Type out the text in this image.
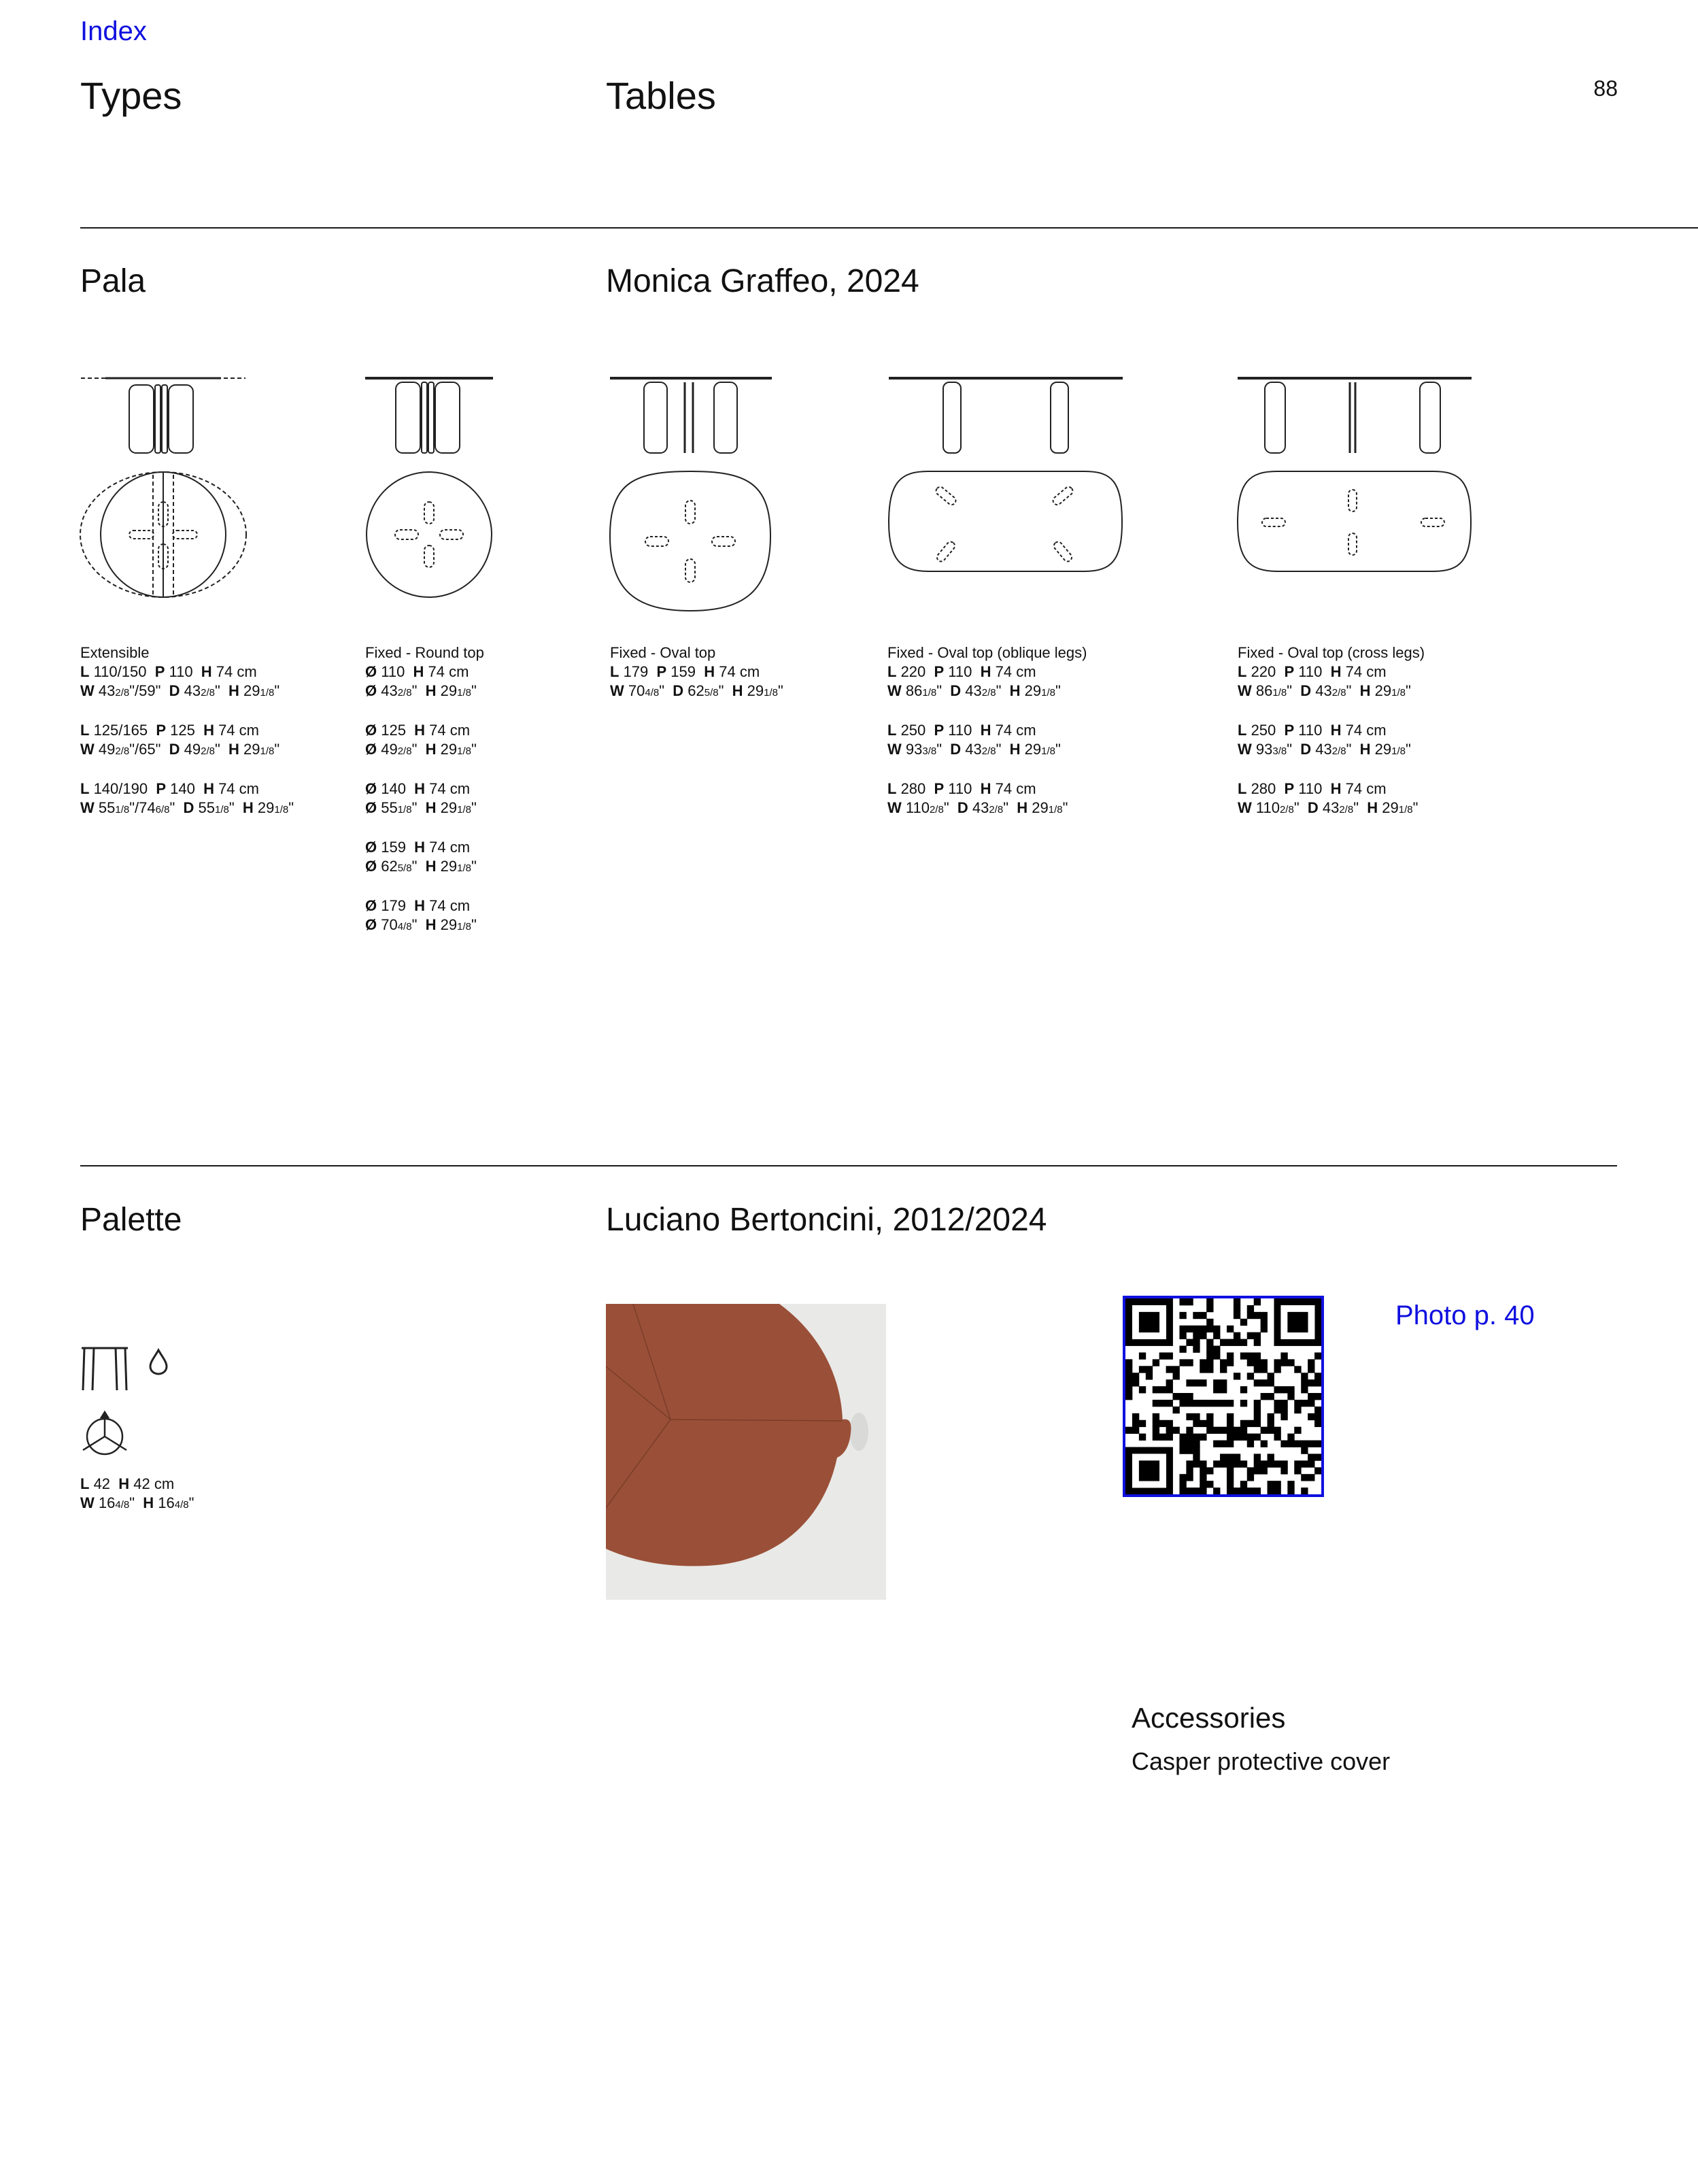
Index
Types	Tables	88
Pala	Monica Graffeo, 2024
Extensible
L 110/150  P 110  H 74 cm
W 432/8"/59"  D 432/8"  H 291/8"
L 125/165  P 125  H 74 cm
W 492/8"/65"  D 492/8"  H 291/8"
L 140/190  P 140  H 74 cm
W 551/8"/746/8"  D 551/8"  H 291/8"
Fixed - Round top
Ø 110  H 74 cm
Ø 432/8"  H 291/8"
Ø 125  H 74 cm
Ø 492/8"  H 291/8"
Ø 140  H 74 cm
Ø 551/8"  H 291/8"
Ø 159  H 74 cm
Ø 625/8"  H 291/8"
Ø 179  H 74 cm
Ø 704/8"  H 291/8"
Fixed - Oval top
L 179  P 159  H 74 cm
W 704/8"  D 625/8"  H 291/8"
Fixed - Oval top (oblique legs)
L 220  P 110  H 74 cm
W 861/8"  D 432/8"  H 291/8"
L 250  P 110  H 74 cm
W 933/8"  D 432/8"  H 291/8"
L 280  P 110  H 74 cm
W 1102/8"  D 432/8"  H 291/8"
Fixed - Oval top (cross legs)
L 220  P 110  H 74 cm
W 861/8"  D 432/8"  H 291/8"
L 250  P 110  H 74 cm
W 933/8"  D 432/8"  H 291/8"
L 280  P 110  H 74 cm
W 1102/8"  D 432/8"  H 291/8"
Palette	Luciano Bertoncini, 2012/2024
L 42  H 42 cm
W 164/8"  H 164/8"
Photo p. 40
Accessories
Casper protective cover
